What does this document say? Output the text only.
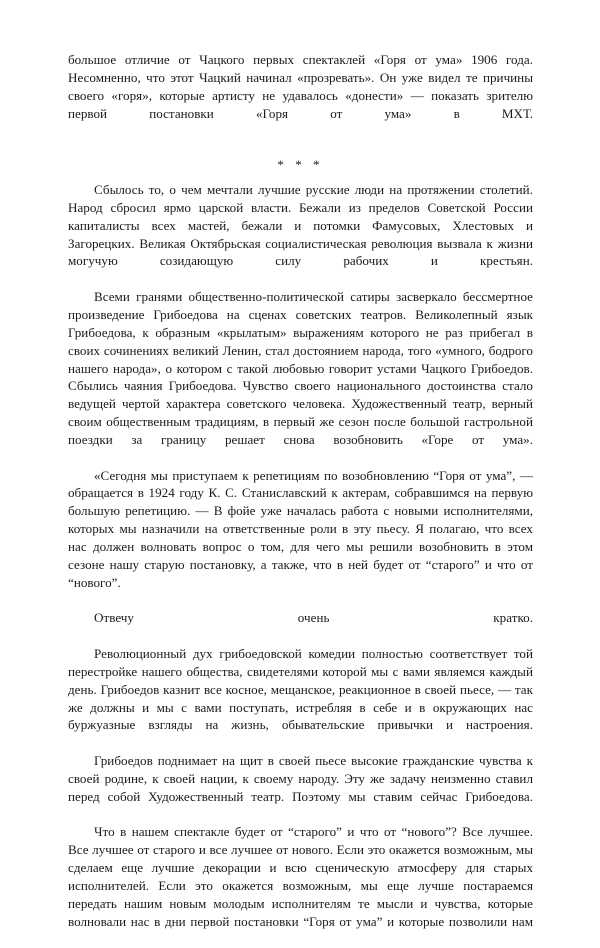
большое отличие от Чацкого первых спектаклей «Горя от ума» 1906 года. Несомненно, что этот Чацкий начинал «прозревать». Он уже видел те причины своего «горя», которые артисту не удавалось «донести» — показать зрителю первой постановки «Горя от ума» в МХТ.

* * *

Сбылось то, о чем мечтали лучшие русские люди на протяжении столетий. Народ сбросил ярмо царской власти. Бежали из пределов Советской России капиталисты всех мастей, бежали и потомки Фамусовых, Хлестовых и Загорецких. Великая Октябрьская социалистическая революция вызвала к жизни могучую созидающую силу рабочих и крестьян.

Всеми гранями общественно-политической сатиры засверкало бессмертное произведение Грибоедова на сценах советских театров. Великолепный язык Грибоедова, к образным «крылатым» выражениям которого не раз прибегал в своих сочинениях великий Ленин, стал достоянием народа, того «умного, бодрого нашего народа», о котором с такой любовью говорит устами Чацкого Грибоедов. Сбылись чаяния Грибоедова. Чувство своего национального достоинства стало ведущей чертой характера советского человека. Художественный театр, верный своим общественным традициям, в первый же сезон после большой гастрольной поездки за границу решает снова возобновить «Горе от ума».

«Сегодня мы приступаем к репетициям по возобновлению “Горя от ума”, — обращается в 1924 году К. С. Станиславский к актерам, собравшимся на первую большую репетицию. — В фойе уже началась работа с новыми исполнителями, которых мы назначили на ответственные роли в эту пьесу. Я полагаю, что всех нас должен волновать вопрос о том, для чего мы решили возобновить в этом сезоне нашу старую постановку, а также, что в ней будет от “старого” и что от “нового”.

Отвечу очень кратко.

Революционный дух грибоедовской комедии полностью соответствует той перестройке нашего общества, свидетелями которой мы с вами являемся каждый день. Грибоедов казнит все косное, мещанское, реакционное в своей пьесе, — так же должны и мы с вами поступать, истребляя в себе и в окружающих нас буржуазные взгляды на жизнь, обывательские привычки и настроения.

Грибоедов поднимает на щит в своей пьесе высокие гражданские чувства к своей родине, к своей нации, к своему народу. Эту же задачу неизменно ставил перед собой Художественный театр. Поэтому мы ставим сейчас Грибоедова.

Что в нашем спектакле будет от “старого” и что от “нового”? Все лучшее. Все лучшее от старого и все лучшее от нового. Если это окажется возможным, мы сделаем еще лучшие декорации и всю сценическую атмосферу для старых исполнителей. Если это окажется возможным, мы еще лучше постараемся передать нашим новым молодым исполнителям те мысли и чувства, которые волновали нас в дни первой постановки “Горя от ума” и которые позволили нам
